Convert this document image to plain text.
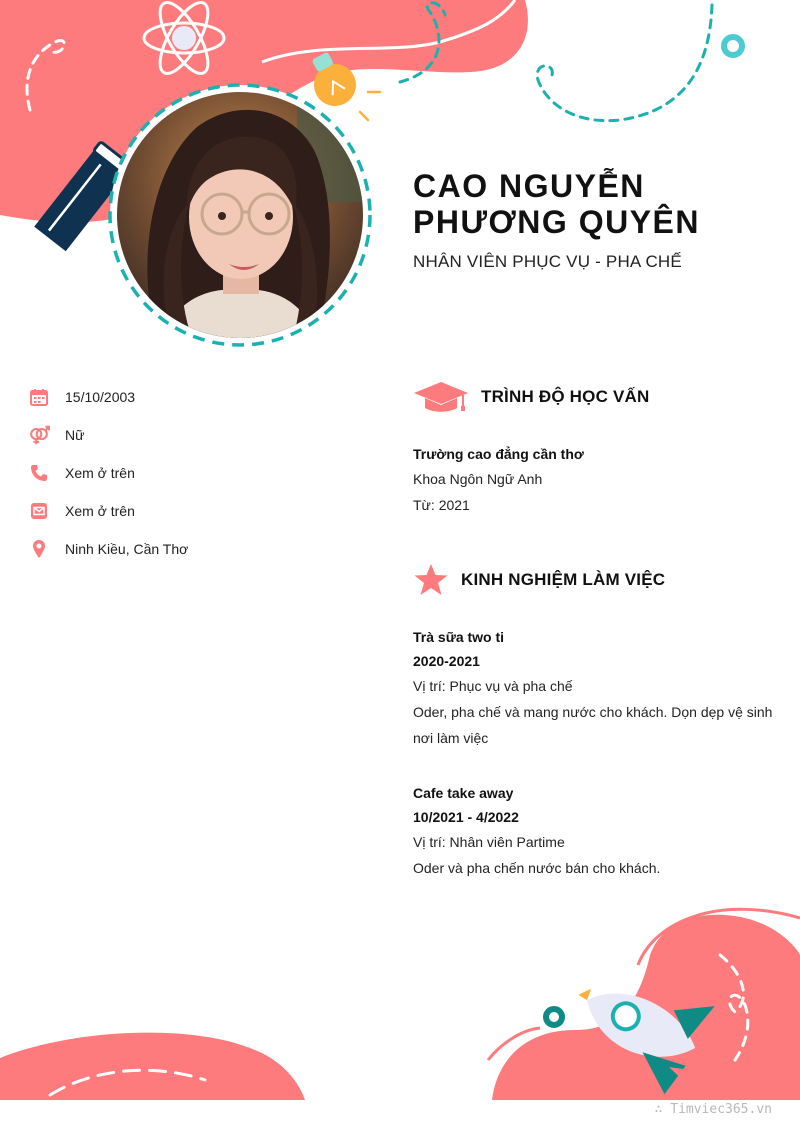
CAO NGUYỄN
PHƯƠNG QUYÊN
NHÂN VIÊN PHỤC VỤ - PHA CHẾ
15/10/2003
Nữ
Xem ở trên
Xem ở trên
Ninh Kiều, Cần Thơ
TRÌNH ĐỘ HỌC VẤN
Trường cao đẳng cần thơ
Khoa Ngôn Ngữ Anh
Từ: 2021
KINH NGHIỆM LÀM VIỆC
Trà sữa two ti
2020-2021
Vị trí: Phục vụ và pha chế
Oder, pha chế và mang nước cho khách. Dọn dẹp vệ sinh nơi làm việc
Cafe take away
10/2021 - 4/2022
Vị trí: Nhân viên Partime
Oder và pha chến nước bán cho khách.
∴ Timviec365.vn
